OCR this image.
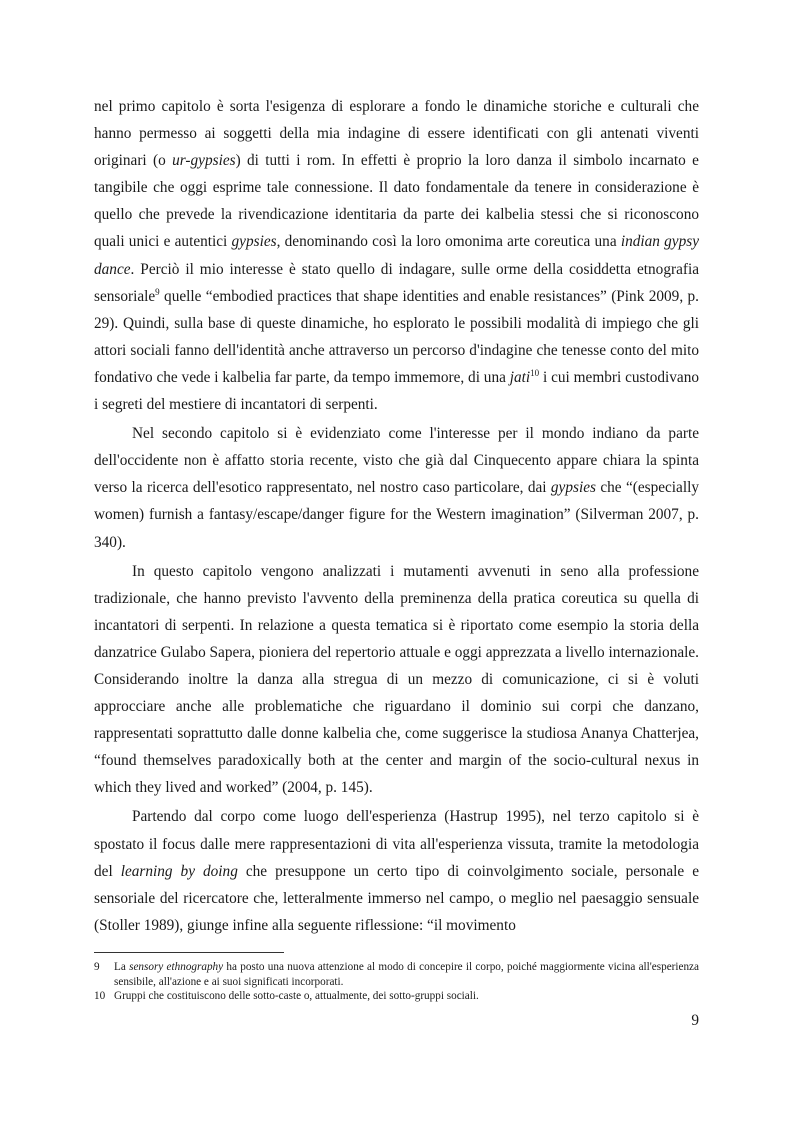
nel primo capitolo è sorta l'esigenza di esplorare a fondo le dinamiche storiche e culturali che hanno permesso ai soggetti della mia indagine di essere identificati con gli antenati viventi originari (o ur-gypsies) di tutti i rom. In effetti è proprio la loro danza il simbolo incarnato e tangibile che oggi esprime tale connessione. Il dato fondamentale da tenere in considerazione è quello che prevede la rivendicazione identitaria da parte dei kalbelia stessi che si riconoscono quali unici e autentici gypsies, denominando così la loro omonima arte coreutica una indian gypsy dance. Perciò il mio interesse è stato quello di indagare, sulle orme della cosiddetta etnografia sensoriale$^9$ quelle “embodied practices that shape identities and enable resistances” (Pink 2009, p. 29). Quindi, sulla base di queste dinamiche, ho esplorato le possibili modalità di impiego che gli attori sociali fanno dell'identità anche attraverso un percorso d'indagine che tenesse conto del mito fondativo che vede i kalbelia far parte, da tempo immemore, di una jati$^{10}$ i cui membri custodivano i segreti del mestiere di incantatori di serpenti.

Nel secondo capitolo si è evidenziato come l'interesse per il mondo indiano da parte dell'occidente non è affatto storia recente, visto che già dal Cinquecento appare chiara la spinta verso la ricerca dell'esotico rappresentato, nel nostro caso particolare, dai gypsies che “(especially women) furnish a fantasy/escape/danger figure for the Western imagination” (Silverman 2007, p. 340).

In questo capitolo vengono analizzati i mutamenti avvenuti in seno alla professione tradizionale, che hanno previsto l'avvento della preminenza della pratica coreutica su quella di incantatori di serpenti. In relazione a questa tematica si è riportato come esempio la storia della danzatrice Gulabo Sapera, pioniera del repertorio attuale e oggi apprezzata a livello internazionale. Considerando inoltre la danza alla stregua di un mezzo di comunicazione, ci si è voluti approcciare anche alle problematiche che riguardano il dominio sui corpi che danzano, rappresentati soprattutto dalle donne kalbelia che, come suggerisce la studiosa Ananya Chatterjea, “found themselves paradoxically both at the center and margin of the socio-cultural nexus in which they lived and worked” (2004, p. 145).

Partendo dal corpo come luogo dell'esperienza (Hastrup 1995), nel terzo capitolo si è spostato il focus dalle mere rappresentazioni di vita all'esperienza vissuta, tramite la metodologia del learning by doing che presuppone un certo tipo di coinvolgimento sociale, personale e sensoriale del ricercatore che, letteralmente immerso nel campo, o meglio nel paesaggio sensuale (Stoller 1989), giunge infine alla seguente riflessione: “il movimento

9	La sensory ethnography ha posto una nuova attenzione al modo di concepire il corpo, poiché maggiormente vicina all'esperienza sensibile, all'azione e ai suoi significati incorporati.
10 Gruppi che costituiscono delle sotto-caste o, attualmente, dei sotto-gruppi sociali.
9
